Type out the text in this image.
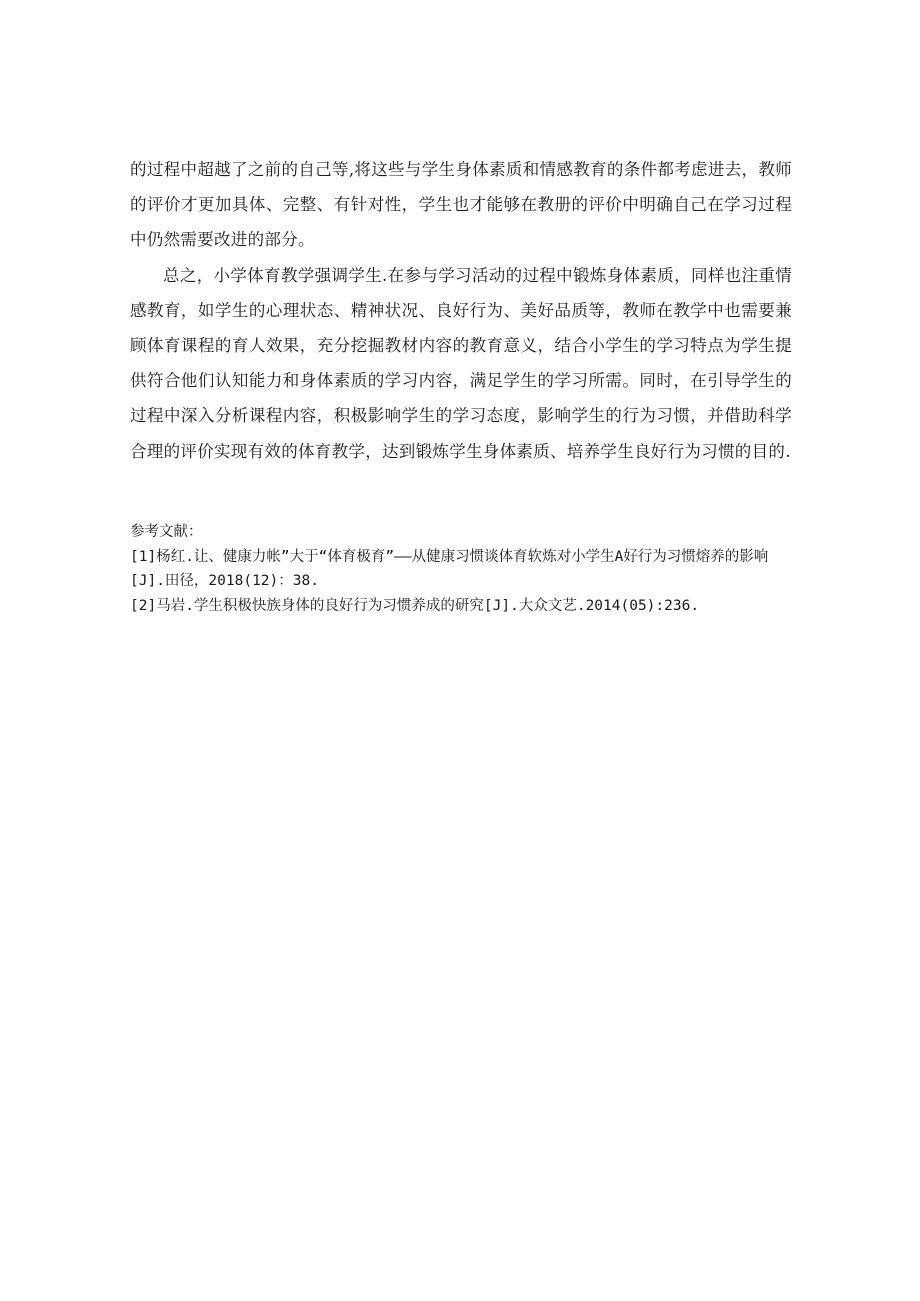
的过程中超越了之前的自己等,将这些与学生身体素质和情感教育的条件都考虑进去，教师的评价才更加具体、完整、有针对性，学生也才能够在教册的评价中明确自己在学习过程中仍然需要改进的部分。

总之，小学体育教学强调学生.在参与学习活动的过程中锻炼身体素质，同样也注重情感教育，如学生的心理状态、精神状况、良好行为、美好品质等，教师在教学中也需要兼顾体育课程的育人效果，充分挖掘教材内容的教育意义，结合小学生的学习特点为学生提供符合他们认知能力和身体素质的学习内容，满足学生的学习所需。同时，在引导学生的过程中深入分析课程内容，积极影响学生的学习态度，影响学生的行为习惯，并借助科学合理的评价实现有效的体育教学，达到锻炼学生身体素质、培养学生良好行为习惯的目的.

参考文献：

[1]杨红.让、健康力帐”大于“体育极育”——从健康习惯谈体育软炼对小学生A好行为习惯熔养的影响[J].田径，2018(12)：38.

[2]马岩.学生积极快族身体的良好行为习惯养成的研究[J].大众文艺.2014(05):236.
